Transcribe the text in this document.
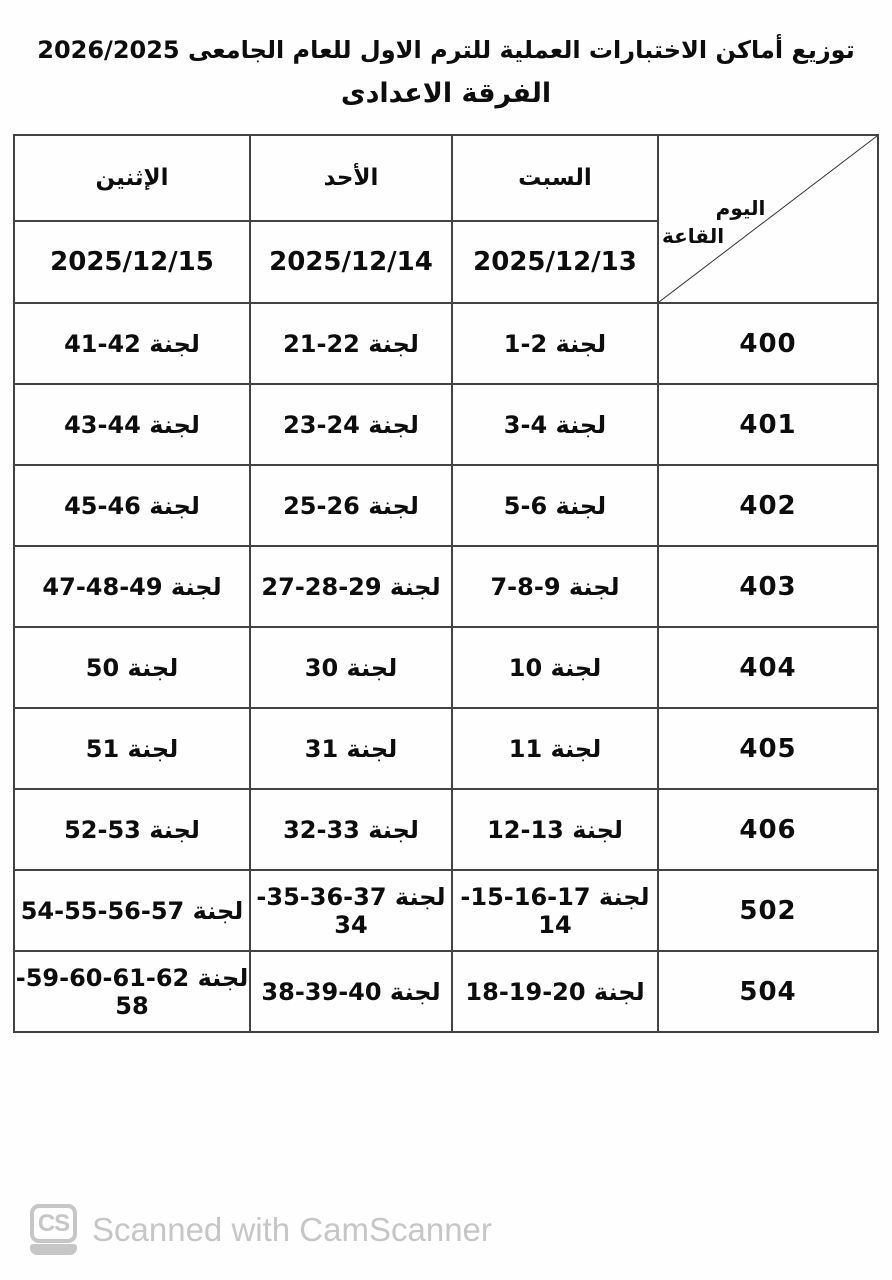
توزيع أماكن الاختبارات العملية للترم الاول للعام الجامعى 2026/2025
الفرقة الاعدادى
اليوم
القاعة	السبت	الأحد	الإثنين
	2025/12/13	2025/12/14	2025/12/15
400	لجنة 2-1	لجنة 22-21	لجنة 42-41
401	لجنة 4-3	لجنة 24-23	لجنة 44-43
402	لجنة 6-5	لجنة 26-25	لجنة 46-45
403	لجنة 9-8-7	لجنة 29-28-27	لجنة 49-48-47
404	لجنة 10	لجنة 30	لجنة 50
405	لجنة 11	لجنة 31	لجنة 51
406	لجنة 13-12	لجنة 33-32	لجنة 53-52
502	لجنة 17-16-15-14	لجنة 37-36-35-34	لجنة 57-56-55-54
504	لجنة 20-19-18	لجنة 40-39-38	لجنة 62-61-60-59-58
CS Scanned with CamScanner
